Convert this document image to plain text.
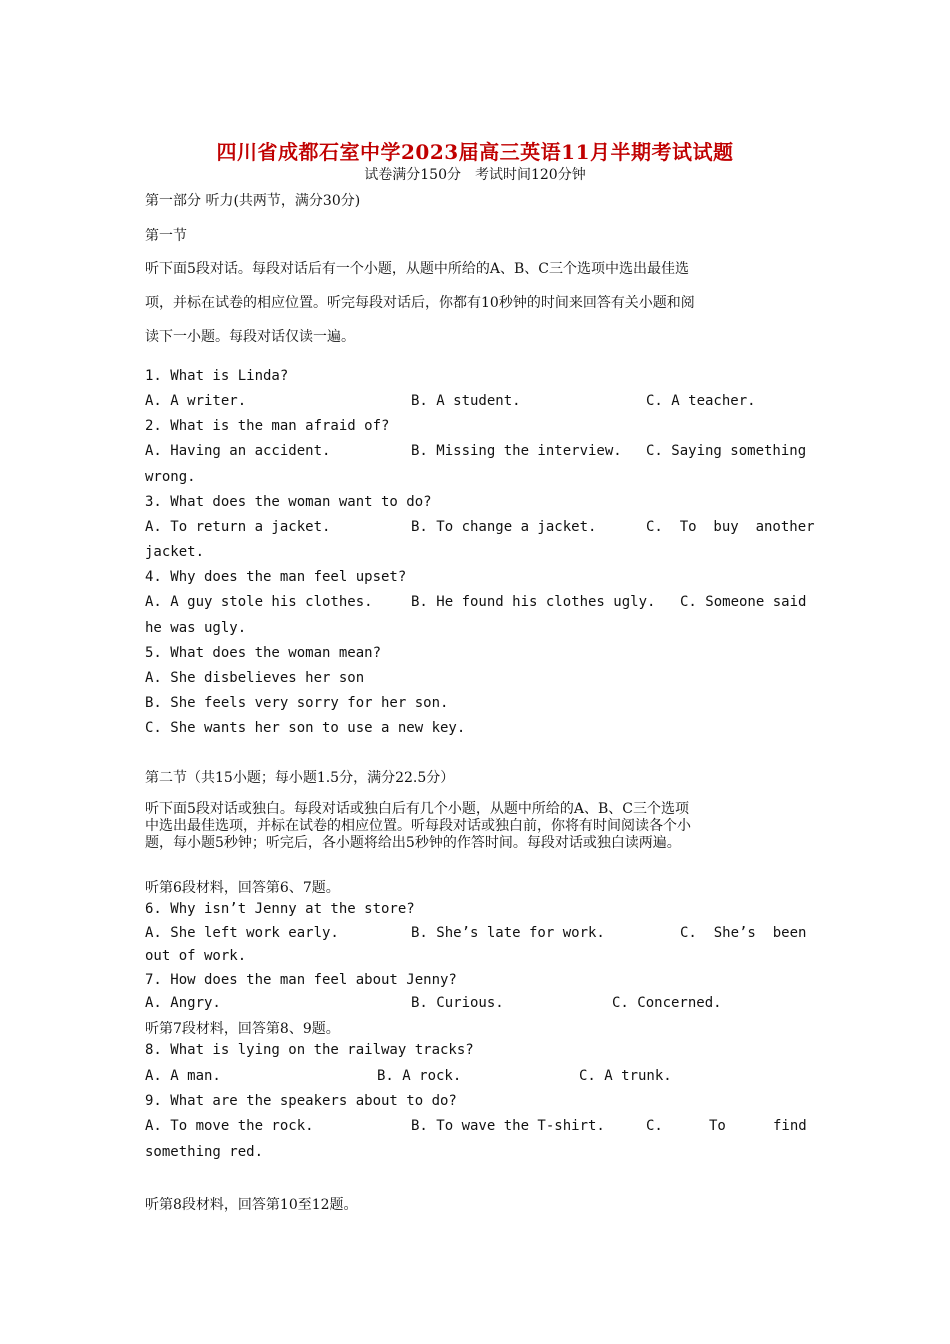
四川省成都石室中学2023届高三英语11月半期考试试题
试卷满分150分　考试时间120分钟
第一部分 听力(共两节，满分30分)
第一节
听下面5段对话。每段对话后有一个小题，从题中所给的A、B、C三个选项中选出最佳选
项，并标在试卷的相应位置。听完每段对话后，你都有10秒钟的时间来回答有关小题和阅
读下一小题。每段对话仅读一遍。
1. What is Linda?
A. A writer.	B. A student.	C. A teacher.
2. What is the man afraid of?
A. Having an accident.	B. Missing the interview. C. Saying something
wrong.
3. What does the woman want to do?
A. To return a jacket.	B. To change a jacket.	C.  To  buy  another
jacket.
4. Why does the man feel upset?
A. A guy stole his clothes.	B. He found his clothes ugly. C. Someone said
he was ugly.
5. What does the woman mean?
A. She disbelieves her son
B. She feels very sorry for her son.
C. She wants her son to use a new key.
第二节（共15小题；每小题1.5分，满分22.5分）
听下面5段对话或独白。每段对话或独白后有几个小题，从题中所给的A、B、C三个选项
中选出最佳选项，并标在试卷的相应位置。听每段对话或独白前，你将有时间阅读各个小
题，每小题5秒钟；听完后，各小题将给出5秒钟的作答时间。每段对话或独白读两遍。
听第6段材料，回答第6、7题。
6. Why isn’t Jenny at the store?
A. She left work early.	B. She’s late for work.	C.  She’s  been
out of work.
7. How does the man feel about Jenny?
A. Angry.	B. Curious.	C. Concerned.
听第7段材料，回答第8、9题。
8. What is lying on the railway tracks?
A. A man.	B. A rock.	C. A trunk.
9. What are the speakers about to do?
A. To move the rock.	B. To wave the T-shirt.	C.	To	find
something red.
听第8段材料，回答第10至12题。
